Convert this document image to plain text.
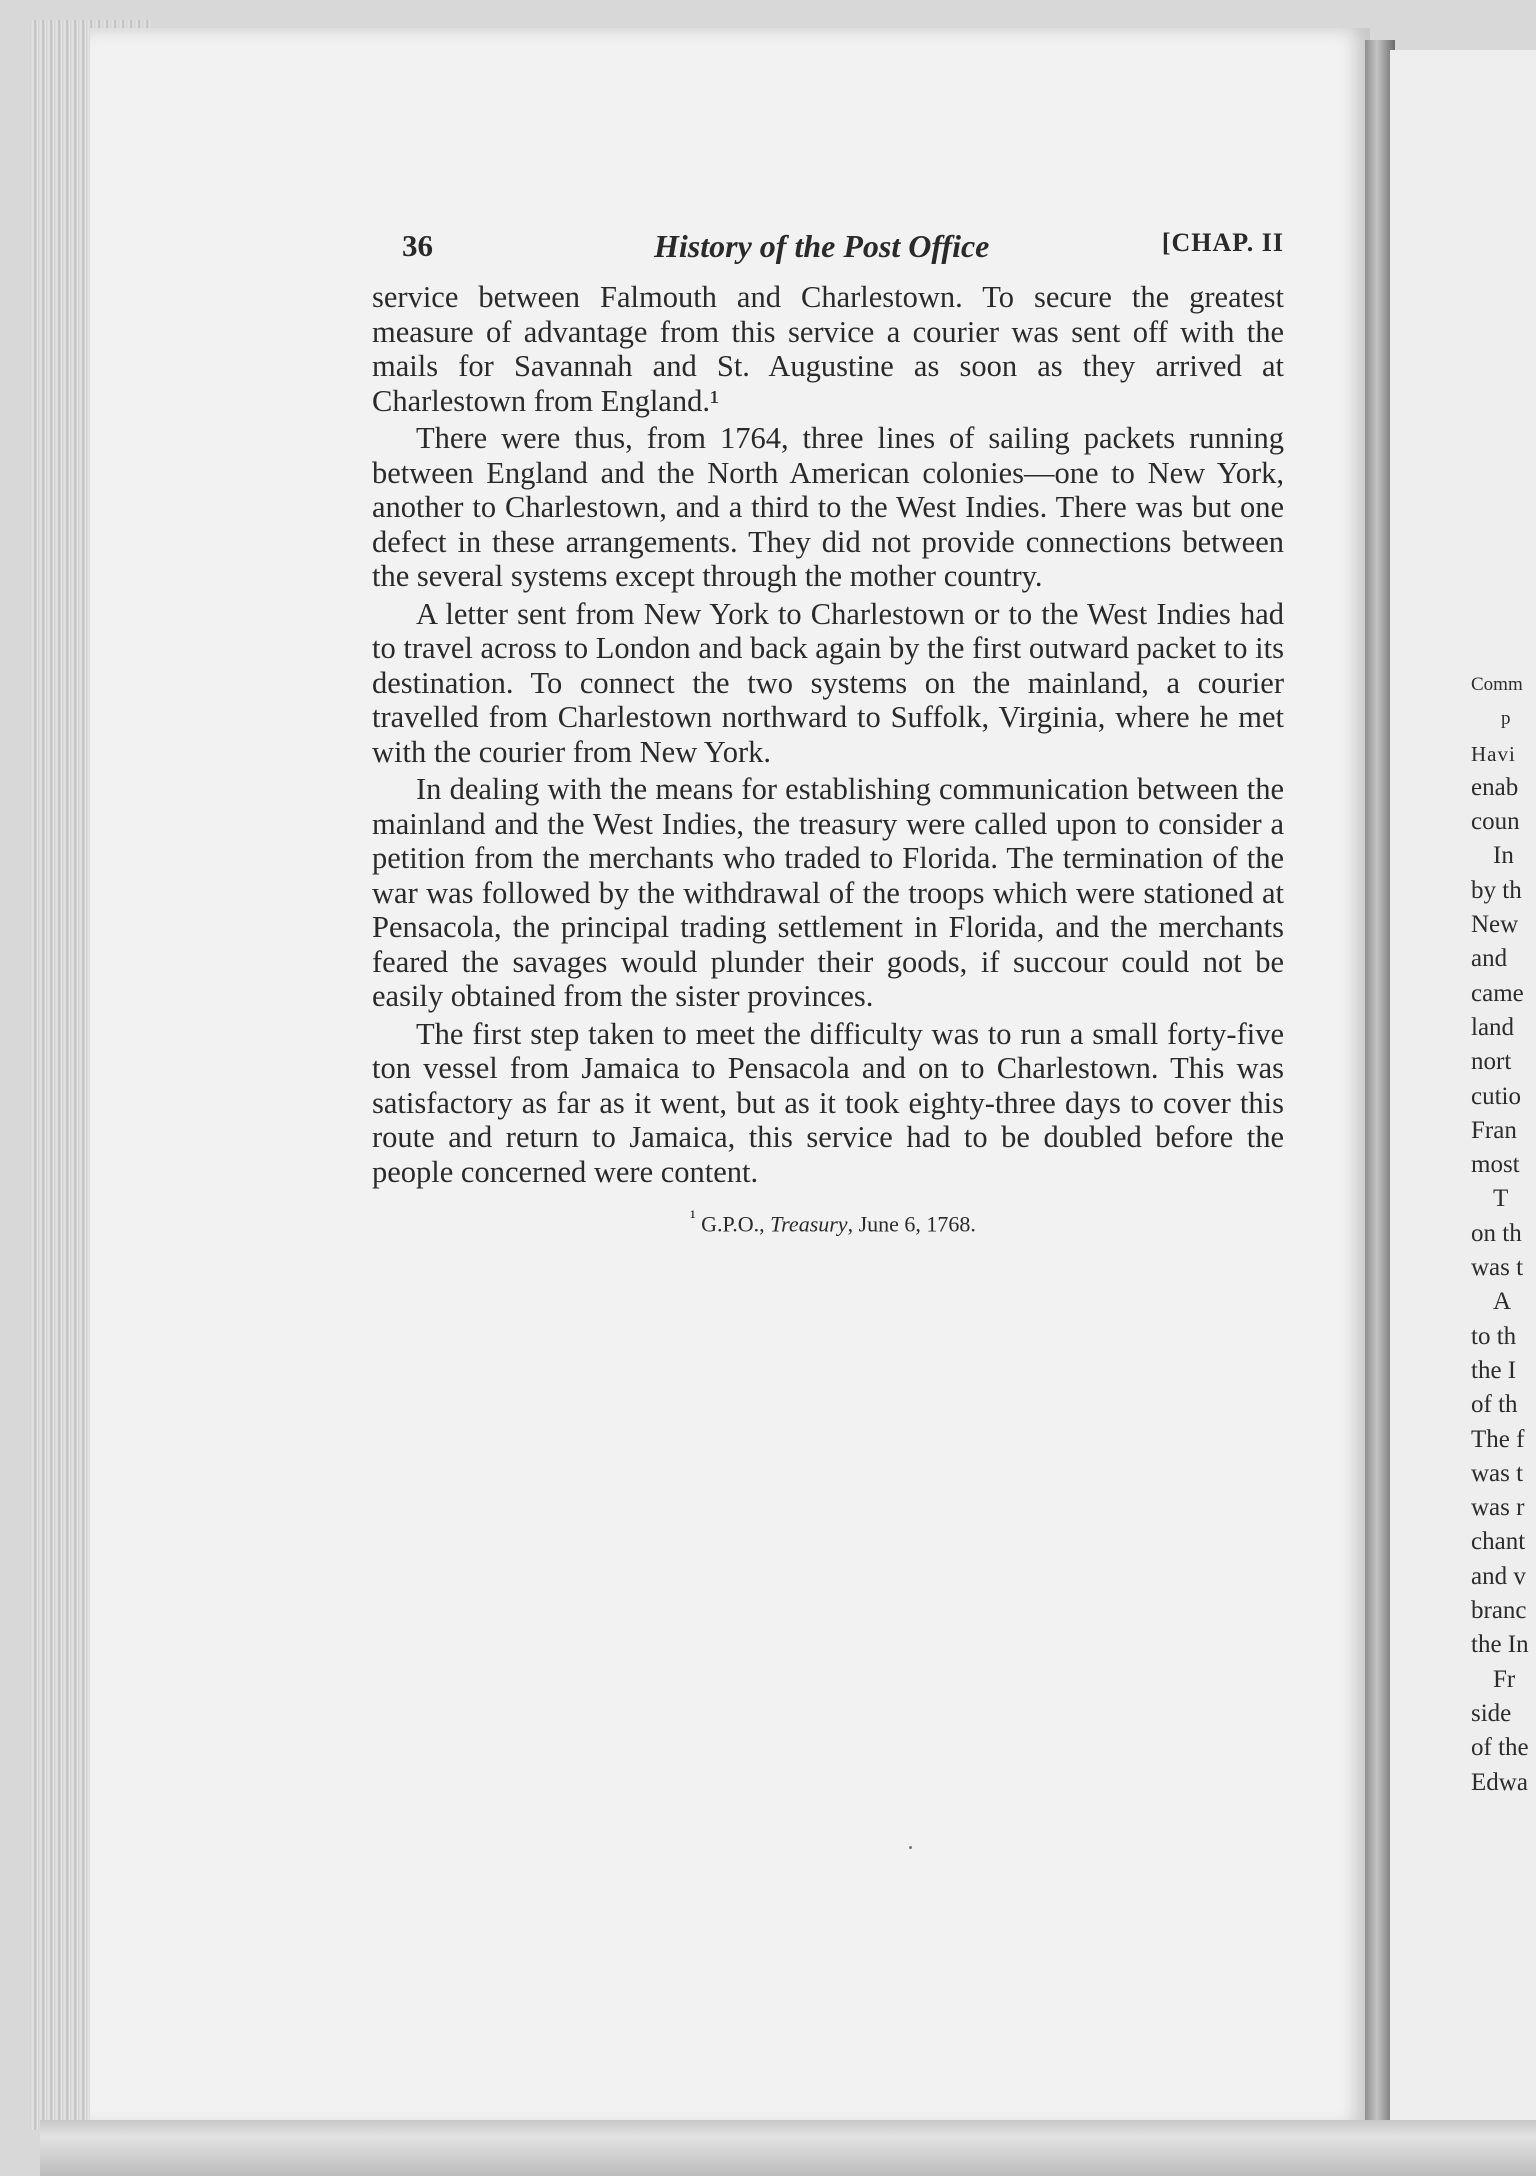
36	History of the Post Office	[CHAP. II

service between Falmouth and Charlestown. To secure the greatest measure of advantage from this service a courier was sent off with the mails for Savannah and St. Augustine as soon as they arrived at Charlestown from England.¹

There were thus, from 1764, three lines of sailing packets running between England and the North American colonies—one to New York, another to Charlestown, and a third to the West Indies. There was but one defect in these arrangements. They did not provide connections between the several systems except through the mother country.

A letter sent from New York to Charlestown or to the West Indies had to travel across to London and back again by the first outward packet to its destination. To connect the two systems on the mainland, a courier travelled from Charlestown northward to Suffolk, Virginia, where he met with the courier from New York.

In dealing with the means for establishing communication between the mainland and the West Indies, the treasury were called upon to consider a petition from the merchants who traded to Florida. The termination of the war was followed by the withdrawal of the troops which were stationed at Pensacola, the principal trading settlement in Florida, and the merchants feared the savages would plunder their goods, if succour could not be easily obtained from the sister provinces.

The first step taken to meet the difficulty was to run a small forty-five ton vessel from Jamaica to Pensacola and on to Charlestown. This was satisfactory as far as it went, but as it took eighty-three days to cover this route and return to Jamaica, this service had to be doubled before the people concerned were content.

$^{^1}$ G.P.O., Treasury, June 6, 1768.
Comm
p
Havi
enab
coun
In
by th
New
and
came
land
nort
cutio
Fran
most
T
on th
was t
A
to th
the I
of th
The f
was t
was r
chant
and v
branc
the In
Fr
side
of the
Edwa
